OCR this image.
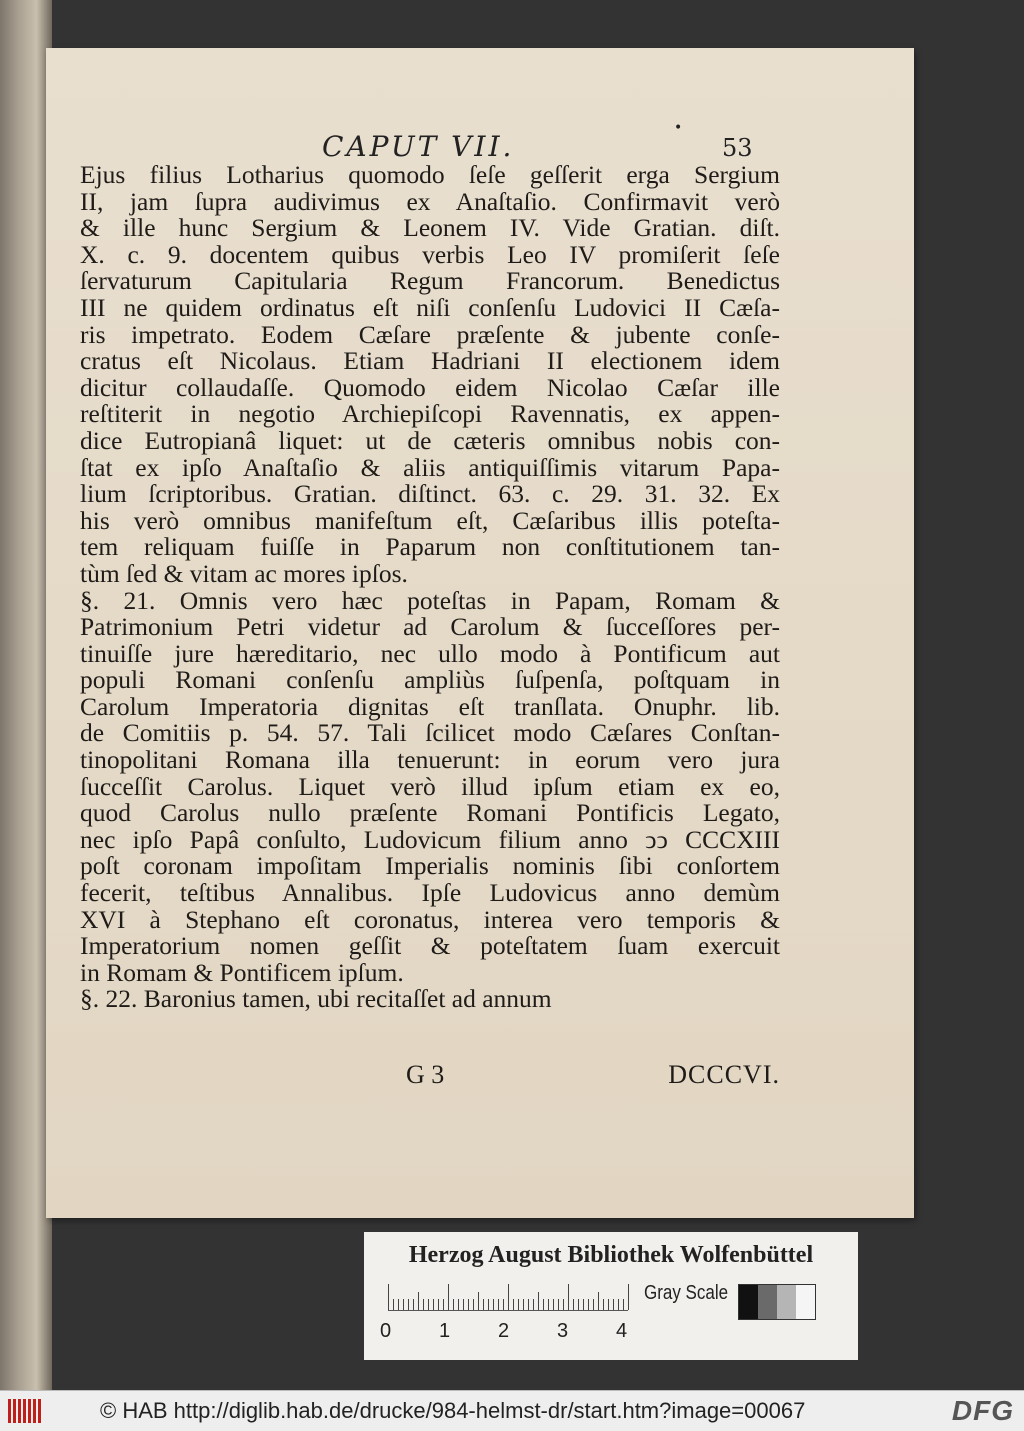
•
CAPUT VII.	53
Ejus filius Lotharius quomodo ſeſe geſſerit erga Sergium
II, jam ſupra audivimus ex Anaſtaſio. Confirmavit verò
& ille hunc Sergium & Leonem IV. Vide Gratian. diſt.
X. c. 9. docentem quibus verbis Leo IV promiſerit ſeſe
ſervaturum Capitularia Regum Francorum. Benedictus
III ne quidem ordinatus eſt niſi conſenſu Ludovici II Cæſa-
ris impetrato. Eodem Cæſare præſente & jubente conſe-
cratus eſt Nicolaus. Etiam Hadriani II electionem idem
dicitur collaudaſſe. Quomodo eidem Nicolao Cæſar ille
reſtiterit in negotio Archiepiſcopi Ravennatis, ex appen-
dice Eutropianâ liquet: ut de cæteris omnibus nobis con-
ſtat ex ipſo Anaſtaſio & aliis antiquiſſimis vitarum Papa-
lium ſcriptoribus. Gratian. diſtinct. 63. c. 29. 31. 32. Ex
his verò omnibus manifeſtum eſt, Cæſaribus illis poteſta-
tem reliquam fuiſſe in Paparum non conſtitutionem tan-
tùm ſed & vitam ac mores ipſos.
§. 21. Omnis vero hæc poteſtas in Papam, Romam &
Patrimonium Petri videtur ad Carolum & ſucceſſores per-
tinuiſſe jure hæreditario, nec ullo modo à Pontificum aut
populi Romani conſenſu ampliùs ſuſpenſa, poſtquam in
Carolum Imperatoria dignitas eſt tranſlata. Onuphr. lib.
de Comitiis p. 54. 57. Tali ſcilicet modo Cæſares Conſtan-
tinopolitani Romana illa tenuerunt: in eorum vero jura
ſucceſſit Carolus. Liquet verò illud ipſum etiam ex eo,
quod Carolus nullo præſente Romani Pontificis Legato,
nec ipſo Papâ conſulto, Ludovicum filium anno ↄↄ CCCXIII
poſt coronam impoſitam Imperialis nominis ſibi conſortem
fecerit, teſtibus Annalibus. Ipſe Ludovicus anno demùm
XVI à Stephano eſt coronatus, interea vero temporis &
Imperatorium nomen geſſit & poteſtatem ſuam exercuit
in Romam & Pontificem ipſum.
§. 22. Baronius tamen, ubi recitaſſet ad annum
G 3	DCCCVI.
Herzog August Bibliothek Wolfenbüttel
0 1 2 3 4
Gray Scale
© HAB http://diglib.hab.de/drucke/984-helmst-dr/start.htm?image=00067	DFG
